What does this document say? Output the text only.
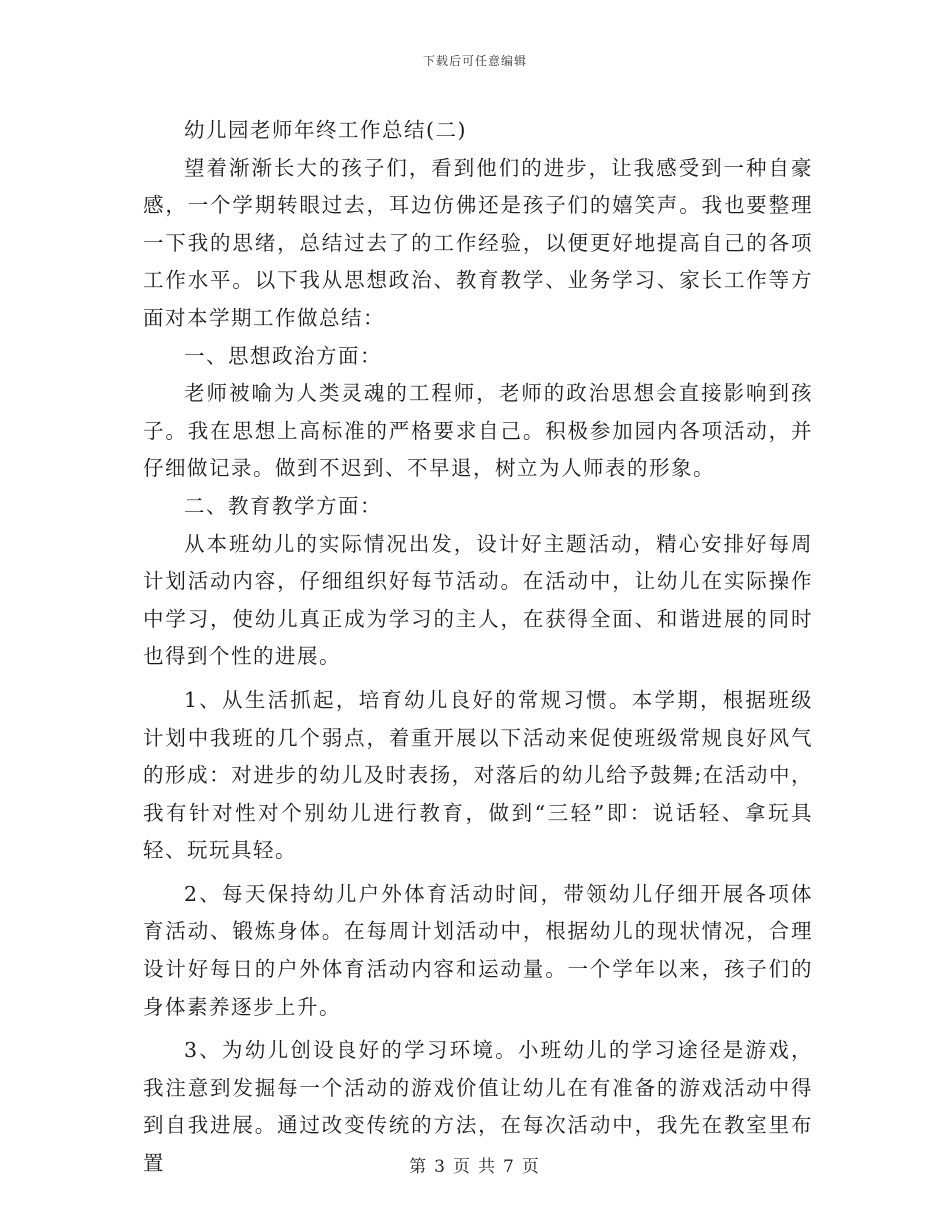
下载后可任意编辑

幼儿园老师年终工作总结(二)

望着渐渐长大的孩子们，看到他们的进步，让我感受到一种自豪感，一个学期转眼过去，耳边仿佛还是孩子们的嬉笑声。我也要整理一下我的思绪，总结过去了的工作经验，以便更好地提高自己的各项工作水平。以下我从思想政治、教育教学、业务学习、家长工作等方面对本学期工作做总结：

一、思想政治方面：

老师被喻为人类灵魂的工程师，老师的政治思想会直接影响到孩子。我在思想上高标准的严格要求自己。积极参加园内各项活动，并仔细做记录。做到不迟到、不早退，树立为人师表的形象。

二、教育教学方面：

从本班幼儿的实际情况出发，设计好主题活动，精心安排好每周计划活动内容，仔细组织好每节活动。在活动中，让幼儿在实际操作中学习，使幼儿真正成为学习的主人，在获得全面、和谐进展的同时也得到个性的进展。

1、从生活抓起，培育幼儿良好的常规习惯。本学期，根据班级计划中我班的几个弱点，着重开展以下活动来促使班级常规良好风气的形成：对进步的幼儿及时表扬，对落后的幼儿给予鼓舞;在活动中，我有针对性对个别幼儿进行教育，做到“三轻”即：说话轻、拿玩具轻、玩玩具轻。

2、每天保持幼儿户外体育活动时间，带领幼儿仔细开展各项体育活动、锻炼身体。在每周计划活动中，根据幼儿的现状情况，合理设计好每日的户外体育活动内容和运动量。一个学年以来，孩子们的身体素养逐步上升。

3、为幼儿创设良好的学习环境。小班幼儿的学习途径是游戏，我注意到发掘每一个活动的游戏价值让幼儿在有准备的游戏活动中得到自我进展。通过改变传统的方法，在每次活动中，我先在教室里布置	第 3 页 共 7 页
